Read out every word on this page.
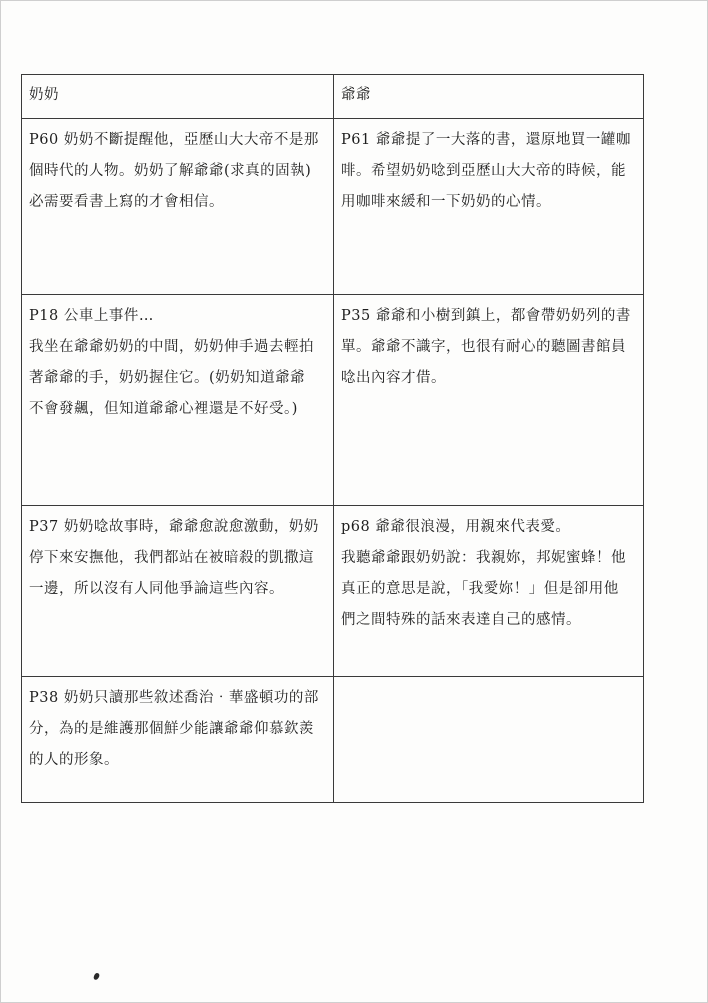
奶奶	爺爺

P60 奶奶不斷提醒他，亞歷山大大帝不是那
個時代的人物。奶奶了解爺爺(求真的固執)
必需要看書上寫的才會相信。	P61 爺爺提了一大落的書，還原地買一罐咖
啡。希望奶奶唸到亞歷山大大帝的時候，能
用咖啡來緩和一下奶奶的心情。

P18 公車上事件…
我坐在爺爺奶奶的中間，奶奶伸手過去輕拍
著爺爺的手，奶奶握住它。(奶奶知道爺爺
不會發飆，但知道爺爺心裡還是不好受。)	P35 爺爺和小樹到鎮上，都會帶奶奶列的書
單。爺爺不識字，也很有耐心的聽圖書館員
唸出內容才借。

P37 奶奶唸故事時，爺爺愈說愈激動，奶奶
停下來安撫他，我們都站在被暗殺的凱撒這
一邊，所以沒有人同他爭論這些內容。	p68 爺爺很浪漫，用親來代表愛。
我聽爺爺跟奶奶說：我親妳，邦妮蜜蜂！他
真正的意思是說，「我愛妳！」但是卻用他
們之間特殊的話來表達自己的感情。

P38 奶奶只讀那些敘述喬治‧華盛頓功的部
分，為的是維護那個鮮少能讓爺爺仰慕欽羨
的人的形象。	
